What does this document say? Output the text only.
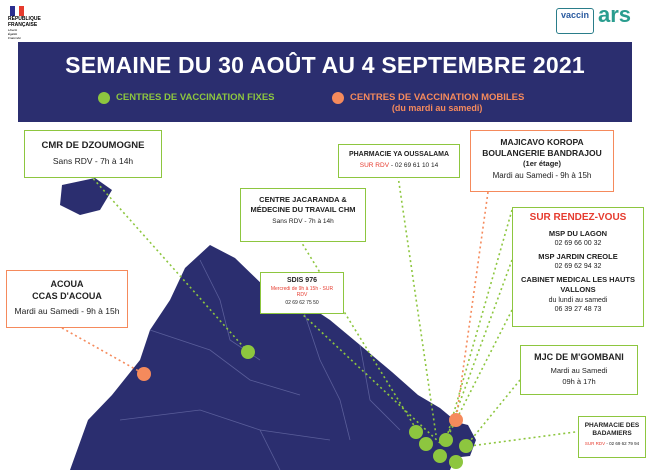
RÉPUBLIQUE
FRANÇAISE
Liberté
Égalité
Fraternité
vaccin ars
SEMAINE DU 30 AOÛT AU 4 SEPTEMBRE 2021
CENTRES DE VACCINATION FIXES	CENTRES DE VACCINATION MOBILES
(du mardi au samedi)
CMR DE DZOUMOGNE
Sans RDV - 7h à 14h
ACOUA
CCAS D'ACOUA
Mardi au Samedi - 9h à 15h
CENTRE JACARANDA & MÉDECINE DU TRAVAIL CHM
Sans RDV - 7h à 14h
SDIS 976
Mercredi de 9h à 15h - SUR RDV
02 69 62 75 50
PHARMACIE YA OUSSALAMA
SUR RDV - 02 69 61 10 14
MAJICAVO KOROPA
BOULANGERIE BANDRAJOU
(1er étage)
Mardi au Samedi - 9h à 15h
SUR RENDEZ-VOUS
MSP DU LAGON
02 69 66 00 32
MSP JARDIN CREOLE
02 69 62 94 32
CABINET MEDICAL LES HAUTS VALLONS
du lundi au samedi
06 39 27 48 73
MJC DE M'GOMBANI
Mardi au Samedi
09h à 17h
PHARMACIE DES BADAMIERS
SUR RDV - 02 69 62 79 94
